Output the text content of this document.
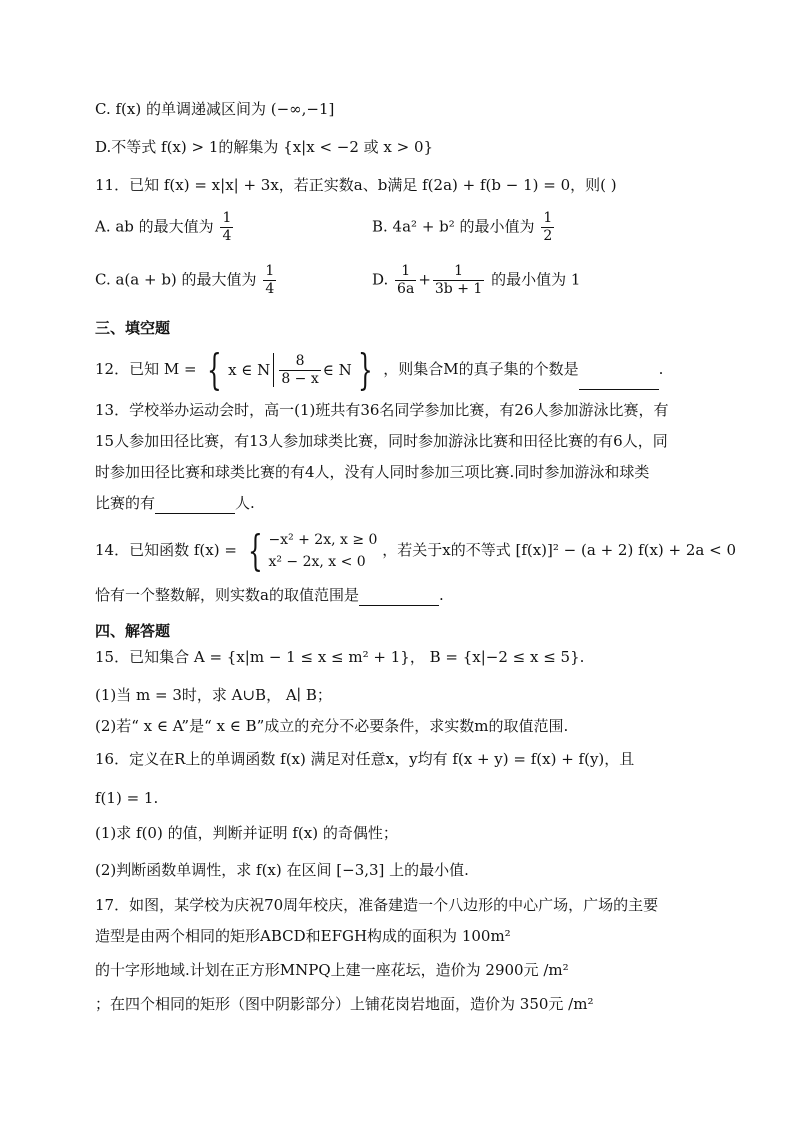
C. f(x) 的单调递减区间为 (−∞,−1]
D.不等式 f(x) > 1的解集为 {x|x < −2 或 x > 0}
11．已知 f(x) = x|x| + 3x，若正实数a、b满足 f(2a) + f(b − 1) = 0，则( )
A. ab 的最大值为 $\frac{1}{4}$	B. 4a² + b² 的最小值为 $\frac{1}{2}$
C. a(a + b) 的最大值为 $\frac{1}{4}$	D. $\frac{1}{6a} + \frac{1}{3b + 1}$ 的最小值为 1
三、填空题
12．已知 M = { x ∈ N $\frac{8}{8 - x}$ ∈ N } ，则集合M的真子集的个数是	.
13．学校举办运动会时，高一(1)班共有36名同学参加比赛，有26人参加游泳比赛，有
15人参加田径比赛，有13人参加球类比赛，同时参加游泳比赛和田径比赛的有6人，同
时参加田径比赛和球类比赛的有4人，没有人同时参加三项比赛.同时参加游泳和球类
比赛的有	人.
14．已知函数 f(x) = { −x² + 2x, x ≥ 0
x² − 2x, x < 0
，若关于x的不等式 [f(x)]² − (a + 2) f(x) + 2a < 0
恰有一个整数解，则实数a的取值范围是	.
四、解答题
15．已知集合 A = {x|m − 1 ≤ x ≤ m² + 1}， B = {x|−2 ≤ x ≤ 5}.
(1)当 m = 3时，求 A∪B， A∣ B；
(2)若“ x ∈ A”是“ x ∈ B”成立的充分不必要条件，求实数m的取值范围.
16．定义在R上的单调函数 f(x) 满足对任意x，y均有 f(x + y) = f(x) + f(y)，且
f(1) = 1.
(1)求 f(0) 的值，判断并证明 f(x) 的奇偶性；
(2)判断函数单调性，求 f(x) 在区间 [−3,3] 上的最小值.
17．如图，某学校为庆祝70周年校庆，准备建造一个八边形的中心广场，广场的主要
造型是由两个相同的矩形ABCD和EFGH构成的面积为 100m²
的十字形地域.计划在正方形MNPQ上建一座花坛，造价为 2900元 /m²
；在四个相同的矩形（图中阴影部分）上铺花岗岩地面，造价为 350元 /m²
